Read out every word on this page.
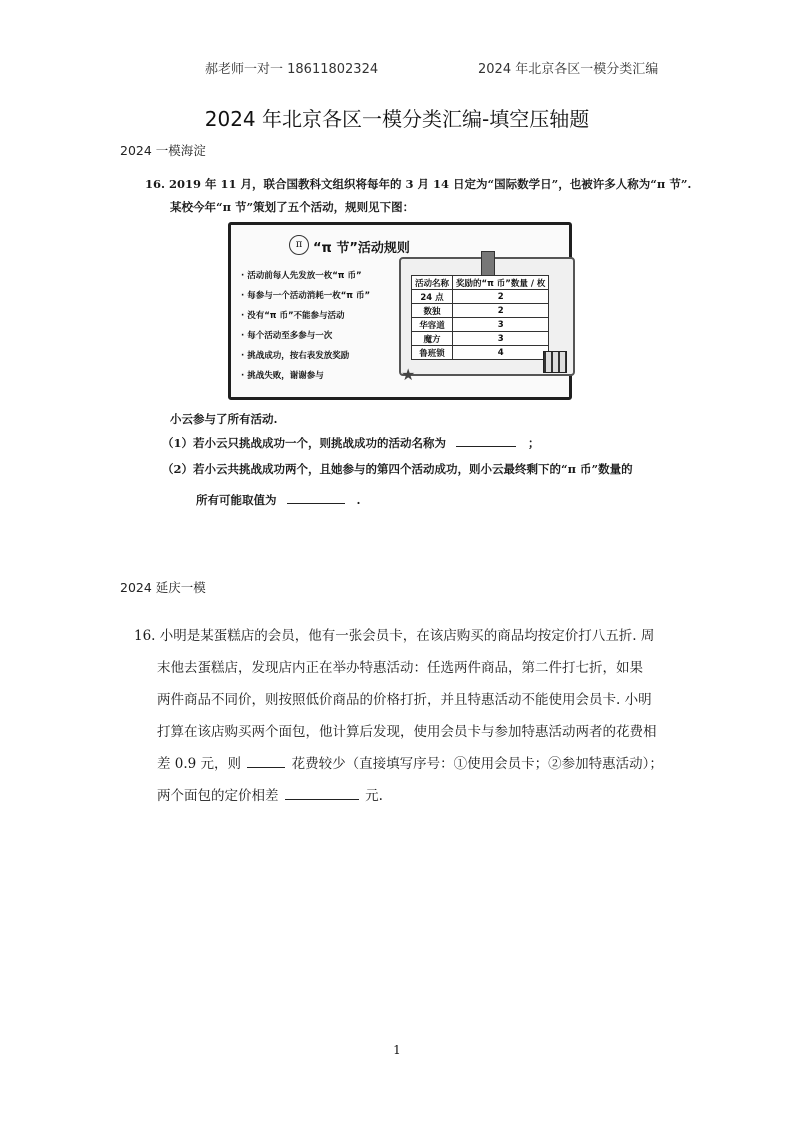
郝老师一对一 18611802324	2024 年北京各区一模分类汇编
2024 年北京各区一模分类汇编-填空压轴题
2024 一模海淀
16. 2019 年 11 月，联合国教科文组织将每年的 3 月 14 日定为“国际数学日”，也被许多人称为“π 节”.
某校今年“π 节”策划了五个活动，规则见下图：
π “π 节”活动规则
· 活动前每人先发放一枚“π 币”
· 每参与一个活动消耗一枚“π 币”
· 没有“π 币”不能参与活动
· 每个活动至多参与一次
· 挑战成功，按右表发放奖励
· 挑战失败，谢谢参与
活动名称	奖励的“π 币”数量 / 枚
24 点	2
数独	2
华容道	3
魔方	3
鲁班锁	4
★
小云参与了所有活动.
（1）若小云只挑战成功一个，则挑战成功的活动名称为	；
（2）若小云共挑战成功两个，且她参与的第四个活动成功，则小云最终剩下的“π 币”数量的
所有可能取值为	.
2024 延庆一模
16. 小明是某蛋糕店的会员，他有一张会员卡，在该店购买的商品均按定价打八五折. 周
末他去蛋糕店，发现店内正在举办特惠活动：任选两件商品，第二件打七折，如果
两件商品不同价，则按照低价商品的价格打折，并且特惠活动不能使用会员卡. 小明
打算在该店购买两个面包，他计算后发现，使用会员卡与参加特惠活动两者的花费相
差 0.9 元，则	花费较少（直接填写序号：①使用会员卡；②参加特惠活动）；
两个面包的定价相差	元.
1
